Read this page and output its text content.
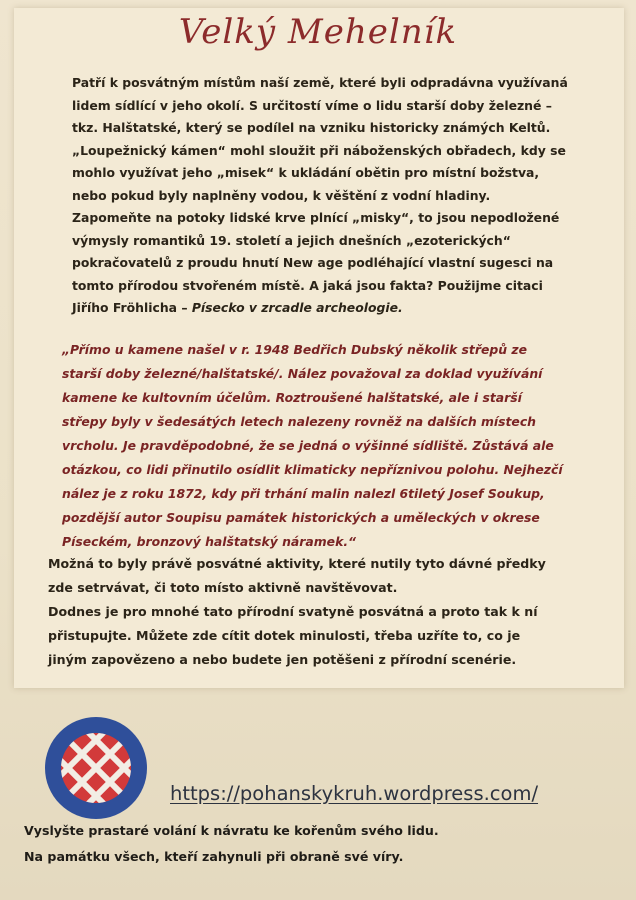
Velký Mehelník

Patří k posvátným místům naší země, které byli odpradávna využívaná

lidem sídlící v jeho okolí. S určitostí víme o lidu starší doby železné –

tkz. Halštatské, který se podílel na vzniku historicky známých Keltů.

„Loupežnický kámen“ mohl sloužit při náboženských obřadech, kdy se

mohlo využívat jeho „misek“ k ukládání obětin pro místní božstva,

nebo pokud byly naplněny vodou, k věštění z vodní hladiny.

Zapomeňte na potoky lidské krve plnící „misky“, to jsou nepodložené

výmysly romantiků 19. století a jejich dnešních „ezoterických“

pokračovatelů z proudu hnutí New age podléhající vlastní sugesci na

tomto přírodou stvořeném místě. A jaká jsou fakta? Použijme citaci

Jiřího Fröhlicha – Písecko v zrcadle archeologie.

„Přímo u kamene našel v r. 1948 Bedřich Dubský několik střepů ze
starší doby železné/halštatské/. Nález považoval za doklad využívání
kamene ke kultovním účelům. Roztroušené halštatské, ale i starší
střepy byly v šedesátých letech nalezeny rovněž na dalších místech
vrcholu. Je pravděpodobné, že se jedná o výšinné sídliště. Zůstává ale
otázkou, co lidi přinutilo osídlit klimaticky nepříznivou polohu. Nejhezčí
nález je z roku 1872, kdy při trhání malin nalezl 6tiletý Josef Soukup,
pozdější autor Soupisu památek historických a uměleckých v okrese
Píseckém, bronzový halštatský náramek.“

Možná to byly právě posvátné aktivity, které nutily tyto dávné předky

zde setrvávat, či toto místo aktivně navštěvovat.

Dodnes je pro mnohé tato přírodní svatyně posvátná a proto tak k ní

přistupujte. Můžete zde cítit dotek minulosti, třeba uzříte to, co je

jiným zapovězeno a nebo budete jen potěšeni z přírodní scenérie.

https://pohanskykruh.wordpress.com/

Vyslyšte prastaré volání k návratu ke kořenům svého lidu.

Na památku všech, kteří zahynuli při obraně své víry.
